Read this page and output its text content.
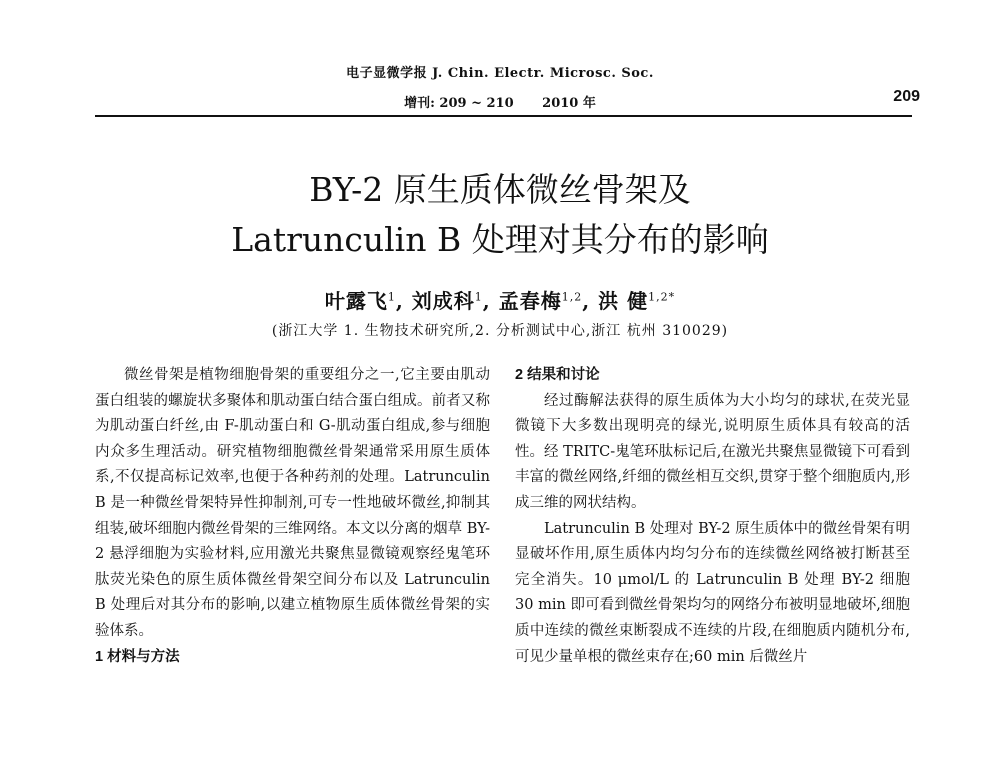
电子显微学报 J. Chin. Electr. Microsc. Soc.
增刊: 209 ~ 210 2010 年	209
BY-2 原生质体微丝骨架及
Latrunculin B 处理对其分布的影响
叶露飞$^1$, 刘成科$^1$, 孟春梅$^{1,2}$, 洪 健$^{1,2*}$
(浙江大学 1. 生物技术研究所,2. 分析测试中心,浙江 杭州 310029)

微丝骨架是植物细胞骨架的重要组分之一,它主要由肌动蛋白组装的螺旋状多聚体和肌动蛋白结合蛋白组成。前者又称为肌动蛋白纤丝,由 F-肌动蛋白和 G-肌动蛋白组成,参与细胞内众多生理活动。研究植物细胞微丝骨架通常采用原生质体系,不仅提高标记效率,也便于各种药剂的处理。Latrunculin B 是一种微丝骨架特异性抑制剂,可专一性地破坏微丝,抑制其组装,破坏细胞内微丝骨架的三维网络。本文以分离的烟草 BY-2 悬浮细胞为实验材料,应用激光共聚焦显微镜观察经鬼笔环肽荧光染色的原生质体微丝骨架空间分布以及 Latrunculin B 处理后对其分布的影响,以建立植物原生质体微丝骨架的实验体系。

1 材料与方法
2 结果和讨论

经过酶解法获得的原生质体为大小均匀的球状,在荧光显微镜下大多数出现明亮的绿光,说明原生质体具有较高的活性。经 TRITC-鬼笔环肽标记后,在激光共聚焦显微镜下可看到丰富的微丝网络,纤细的微丝相互交织,贯穿于整个细胞质内,形成三维的网状结构。

Latrunculin B 处理对 BY-2 原生质体中的微丝骨架有明显破坏作用,原生质体内均匀分布的连续微丝网络被打断甚至完全消失。10 μmol/L 的 Latrunculin B 处理 BY-2 细胞 30 min 即可看到微丝骨架均匀的网络分布被明显地破坏,细胞质中连续的微丝束断裂成不连续的片段,在细胞质内随机分布,可见少量单根的微丝束存在;60 min 后微丝片
